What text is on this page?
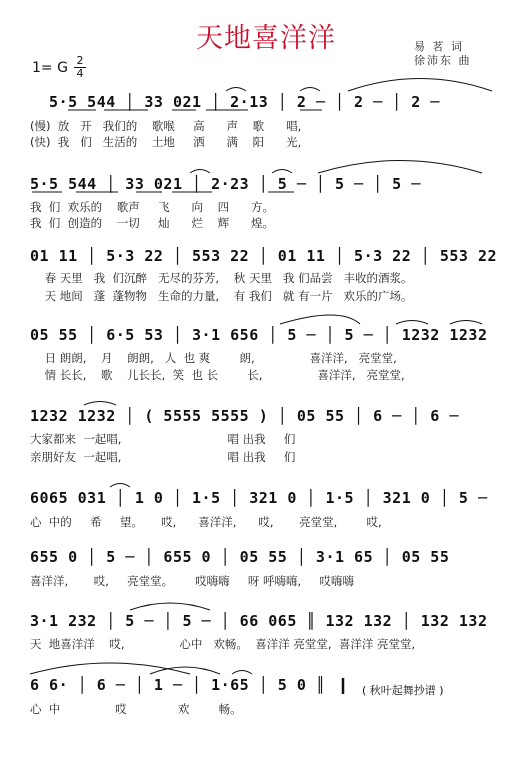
天地喜洋洋	易 茗 词
徐沛东 曲
1= G 2
4
5·5 544 │ 33 021 │ 2·13 │ 2 ─ │ 2 ─ │ 2 ─
(慢)  放   开   我们的    歌喉     高      声    歌      唱,
(快)  我   们   生活的    土地     洒      满    阳      光,
5·5 544 │ 33 021 │ 2·23 │ 5 ─ │ 5 ─ │ 5 ─
我  们  欢乐的    歌声     飞      向    四      方。
我  们  创造的    一切     灿      烂    辉      煌。
01 11 │ 5·3 22 │ 553 22 │ 01 11 │ 5·3 22 │ 553 22
春 天里   我  们沉醉   无尽的芬芳,    秋 天里   我 们品尝   丰收的酒浆。
天 地间   蓬  蓬物物   生命的力量,    有 我们   就 有一片   欢乐的广场。
05 55 │ 6·5 53 │ 3·1 656 │ 5 ─ │ 5 ─ │ 1232 1232
日 朗朗,    月    朗朗,   人  也 爽        朗,               喜洋洋,   亮堂堂,
情 长长,    歌    儿长长,  笑  也 长        长,               喜洋洋,   亮堂堂,
1232 1232 │ ( 5555 5555 ) │ 05 55 │ 6 ─ │ 6 ─
大家都来  一起唱,                             唱 出我     们
亲朋好友  一起唱,                             唱 出我     们
6065 031 │ 1 0 │ 1·5 │ 321 0 │ 1·5 │ 321 0 │ 5 ─
心  中的     希     望。     哎,      喜洋洋,      哎,       亮堂堂,        哎,
655 0 │ 5 ─ │ 655 0 │ 05 55 │ 3·1 65 │ 05 55
喜洋洋,       哎,     亮堂堂。      哎嗨嗨     呀 呼嗨嗨,     哎嗨嗨
3·1 232 │ 5 ─ │ 5 ─ │ 66 065 ║ 132 132 │ 132 132
天  地喜洋洋    哎,               心中   欢畅。  喜洋洋 亮堂堂,  喜洋洋 亮堂堂,
6 6· │ 6 ─ │ 1 ─ │ 1·65 │ 5 0 ║
心  中               哎              欢        畅。
( 秋叶起舞抄谱 )
